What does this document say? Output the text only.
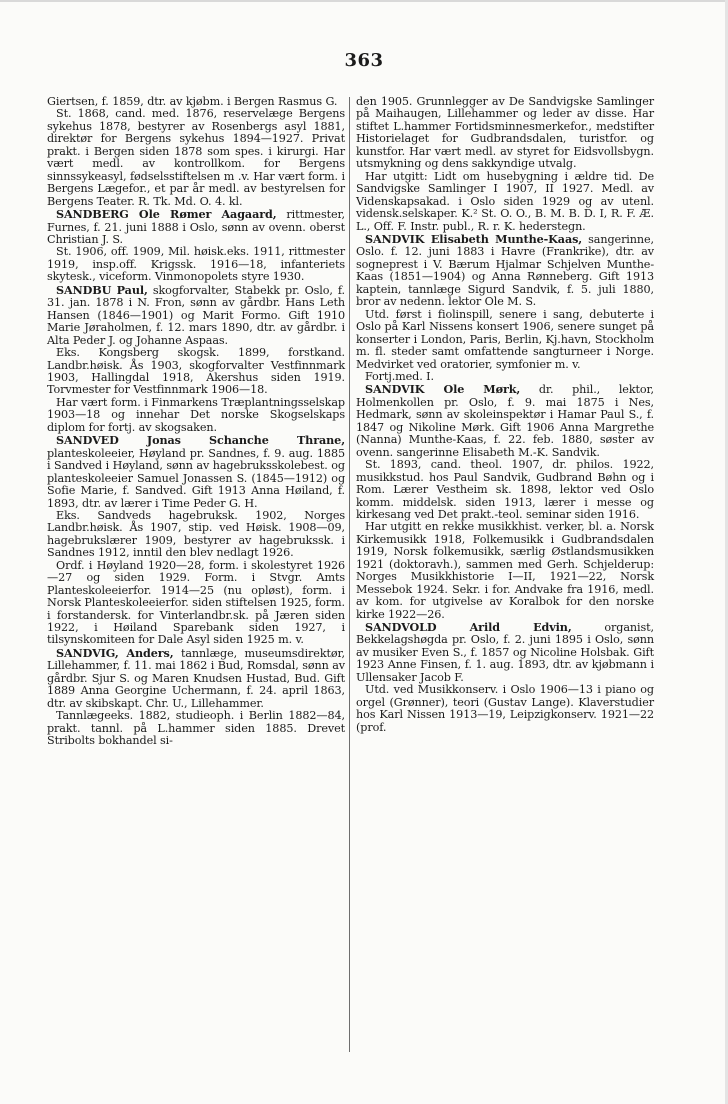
363

Giertsen, f. 1859, dtr. av kjøbm. i Bergen Rasmus G.

St. 1868, cand. med. 1876, reservelæge Bergens sykehus 1878, bestyrer av Rosenbergs asyl 1881, direktør for Bergens sykehus 1894—1927. Privat prakt. i Bergen siden 1878 som spes. i kirurgi. Har vært medl. av kontrollkom. for Bergens sinnssykeasyl, fødselsstiftelsen m .v. Har vært form. i Bergens Lægefor., et par år medl. av bestyrelsen for Bergens Teater. R. Tk. Md. O. 4. kl.

SANDBERG Ole Rømer Aagaard, rittmester, Furnes, f. 21. juni 1888 i Oslo, sønn av ovenn. oberst Christian J. S.

St. 1906, off. 1909, Mil. høisk.eks. 1911, rittmester 1919, insp.off. Krigssk. 1916—18, infanteriets skytesk., viceform. Vinmonopolets styre 1930.

SANDBU Paul, skogforvalter, Stabekk pr. Oslo, f. 31. jan. 1878 i N. Fron, sønn av gårdbr. Hans Leth Hansen (1846—1901) og Marit Formo. Gift 1910 Marie Jøraholmen, f. 12. mars 1890, dtr. av gårdbr. i Alta Peder J. og Johanne Aspaas.

Eks. Kongsberg skogsk. 1899, forstkand. Landbr.høisk. Ås 1903, skogforvalter Vestfinnmark 1903, Hallingdal 1918, Akershus siden 1919. Torvmester for Vestfinnmark 1906—18.

Har vært form. i Finmarkens Træplantningsselskap 1903—18 og innehar Det norske Skogselskaps diplom for fortj. av skogsaken.

SANDVED Jonas Schanche Thrane, planteskoleeier, Høyland pr. Sandnes, f. 9. aug. 1885 i Sandved i Høyland, sønn av hagebruksskolebest. og planteskoleeier Samuel Jonassen S. (1845—1912) og Sofie Marie, f. Sandved. Gift 1913 Anna Høiland, f. 1893, dtr. av lærer i Time Peder G. H.

Eks. Sandveds hagebruksk. 1902, Norges Landbr.høisk. Ås 1907, stip. ved Høisk. 1908—09, hagebrukslærer 1909, bestyrer av hagebrukssk. i Sandnes 1912, inntil den blev nedlagt 1926.

Ordf. i Høyland 1920—28, form. i skolestyret 1926—27 og siden 1929. Form. i Stvgr. Amts Planteskoleeierfor. 1914—25 (nu opløst), form. i Norsk Planteskoleeierfor. siden stiftelsen 1925, form. i forstandersk. for Vinterlandbr.sk. på Jæren siden 1922, i Høiland Sparebank siden 1927, i tilsynskomiteen for Dale Asyl siden 1925 m. v.

SANDVIG, Anders, tannlæge, museumsdirektør, Lillehammer, f. 11. mai 1862 i Bud, Romsdal, sønn av gårdbr. Sjur S. og Maren Knudsen Hustad, Bud. Gift 1889 Anna Georgine Uchermann, f. 24. april 1863, dtr. av skibskapt. Chr. U., Lillehammer.

Tannlægeeks. 1882, studieoph. i Berlin 1882—84, prakt. tannl. på L.hammer siden 1885. Drevet Stribolts bokhandel si-

den 1905. Grunnlegger av De Sandvigske Samlinger på Maihaugen, Lillehammer og leder av disse. Har stiftet L.hammer Fortidsminnesmerkefor., medstifter Historielaget for Gudbrandsdalen, turistfor. og kunstfor. Har vært medl. av styret for Eidsvollsbygn. utsmykning og dens sakkyndige utvalg.

Har utgitt: Lidt om husebygning i ældre tid. De Sandvigske Samlinger I 1907, II 1927. Medl. av Videnskapsakad. i Oslo siden 1929 og av utenl. vidensk.selskaper. K.² St. O. O., B. M. B. D. I, R. F. Æ. L., Off. F. Instr. publ., R. r. K. hederstegn.

SANDVIK Elisabeth Munthe-Kaas, sangerinne, Oslo. f. 12. juni 1883 i Havre (Frankrike), dtr. av sogneprest i V. Bærum Hjalmar Schjelven Munthe-Kaas (1851—1904) og Anna Rønneberg. Gift 1913 kaptein, tannlæge Sigurd Sandvik, f. 5. juli 1880, bror av nedenn. lektor Ole M. S.

Utd. først i fiolinspill, senere i sang, debuterte i Oslo på Karl Nissens konsert 1906, senere sunget på konserter i London, Paris, Berlin, Kj.havn, Stockholm m. fl. steder samt omfattende sangturneer i Norge. Medvirket ved oratorier, symfonier m. v.

Fortj.med. I.

SANDVIK Ole Mørk, dr. phil., lektor, Holmenkollen pr. Oslo, f. 9. mai 1875 i Nes, Hedmark, sønn av skoleinspektør i Hamar Paul S., f. 1847 og Nikoline Mørk. Gift 1906 Anna Margrethe (Nanna) Munthe-Kaas, f. 22. feb. 1880, søster av ovenn. sangerinne Elisabeth M.-K. Sandvik.

St. 1893, cand. theol. 1907, dr. philos. 1922, musikkstud. hos Paul Sandvik, Gudbrand Bøhn og i Rom. Lærer Vestheim sk. 1898, lektor ved Oslo komm. middelsk. siden 1913, lærer i messe og kirkesang ved Det prakt.-teol. seminar siden 1916.

Har utgitt en rekke musikkhist. verker, bl. a. Norsk Kirkemusikk 1918, Folkemusikk i Gudbrandsdalen 1919, Norsk folkemusikk, særlig Østlandsmusikken 1921 (doktoravh.), sammen med Gerh. Schjelderup: Norges Musikkhistorie I—II, 1921—22, Norsk Messebok 1924. Sekr. i for. Andvake fra 1916, medl. av kom. for utgivelse av Koralbok for den norske kirke 1922—26.

SANDVOLD Arild Edvin, organist, Bekkelagshøgda pr. Oslo, f. 2. juni 1895 i Oslo, sønn av musiker Even S., f. 1857 og Nicoline Holsbak. Gift 1923 Anne Finsen, f. 1. aug. 1893, dtr. av kjøbmann i Ullensaker Jacob F.

Utd. ved Musikkonserv. i Oslo 1906—13 i piano og orgel (Grønner), teori (Gustav Lange). Klaverstudier hos Karl Nissen 1913—19, Leipzigkonserv. 1921—22 (prof.
